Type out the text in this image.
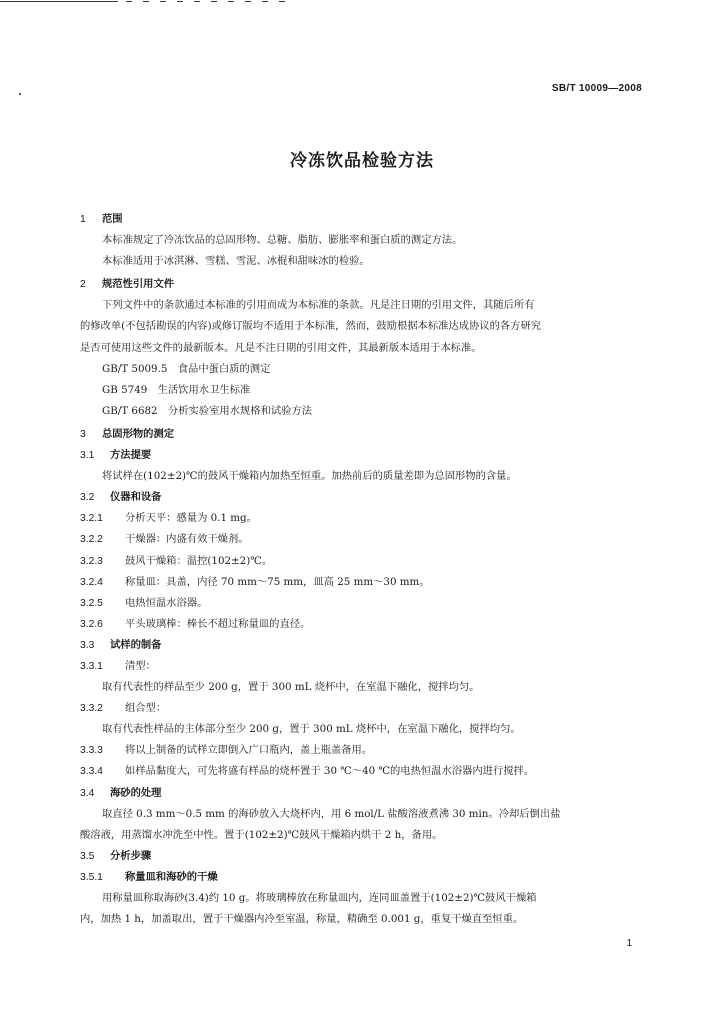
SB/T 10009—2008
冷冻饮品检验方法
1 范围
本标准规定了冷冻饮品的总固形物、总糖、脂肪、膨胀率和蛋白质的测定方法。
本标准适用于冰淇淋、雪糕、雪泥、冰棍和甜味冰的检验。
2 规范性引用文件
下列文件中的条款通过本标准的引用而成为本标准的条款。凡是注日期的引用文件，其随后所有
的修改单(不包括勘误的内容)或修订版均不适用于本标准，然而，鼓励根据本标准达成协议的各方研究
是否可使用这些文件的最新版本。凡是不注日期的引用文件，其最新版本适用于本标准。
GB/T 5009.5　食品中蛋白质的测定
GB 5749　生活饮用水卫生标准
GB/T 6682　分析实验室用水规格和试验方法
3 总固形物的测定
3.1 方法提要
将试样在(102±2)℃的鼓风干燥箱内加热至恒重。加热前后的质量差即为总固形物的含量。
3.2 仪器和设备
3.2.1 分析天平：感量为 0.1 mg。
3.2.2 干燥器：内盛有效干燥剂。
3.2.3 鼓风干燥箱：温控(102±2)℃。
3.2.4 称量皿：具盖，内径 70 mm～75 mm，皿高 25 mm～30 mm。
3.2.5 电热恒温水浴器。
3.2.6 平头玻璃棒：棒长不超过称量皿的直径。
3.3 试样的制备
3.3.1 清型：
取有代表性的样品至少 200 g，置于 300 mL 烧杯中，在室温下融化，搅拌均匀。
3.3.2 组合型：
取有代表性样品的主体部分至少 200 g，置于 300 mL 烧杯中，在室温下融化，搅拌均匀。
3.3.3 将以上制备的试样立即倒入广口瓶内，盖上瓶盖备用。
3.3.4 如样品黏度大，可先将盛有样品的烧杯置于 30 ℃～40 ℃的电热恒温水浴器内进行搅拌。
3.4 海砂的处理
取直径 0.3 mm～0.5 mm 的海砂放入大烧杯内，用 6 mol/L 盐酸溶液煮沸 30 min。冷却后倒出盐
酸溶液，用蒸馏水冲洗至中性。置于(102±2)℃鼓风干燥箱内烘干 2 h，备用。
3.5 分析步骤
3.5.1 称量皿和海砂的干燥
用称量皿称取海砂(3.4)约 10 g。将玻璃棒放在称量皿内，连同皿盖置于(102±2)℃鼓风干燥箱
内，加热 1 h，加盖取出，置于干燥器内冷至室温，称量，精确至 0.001 g，重复干燥直至恒重。
1
